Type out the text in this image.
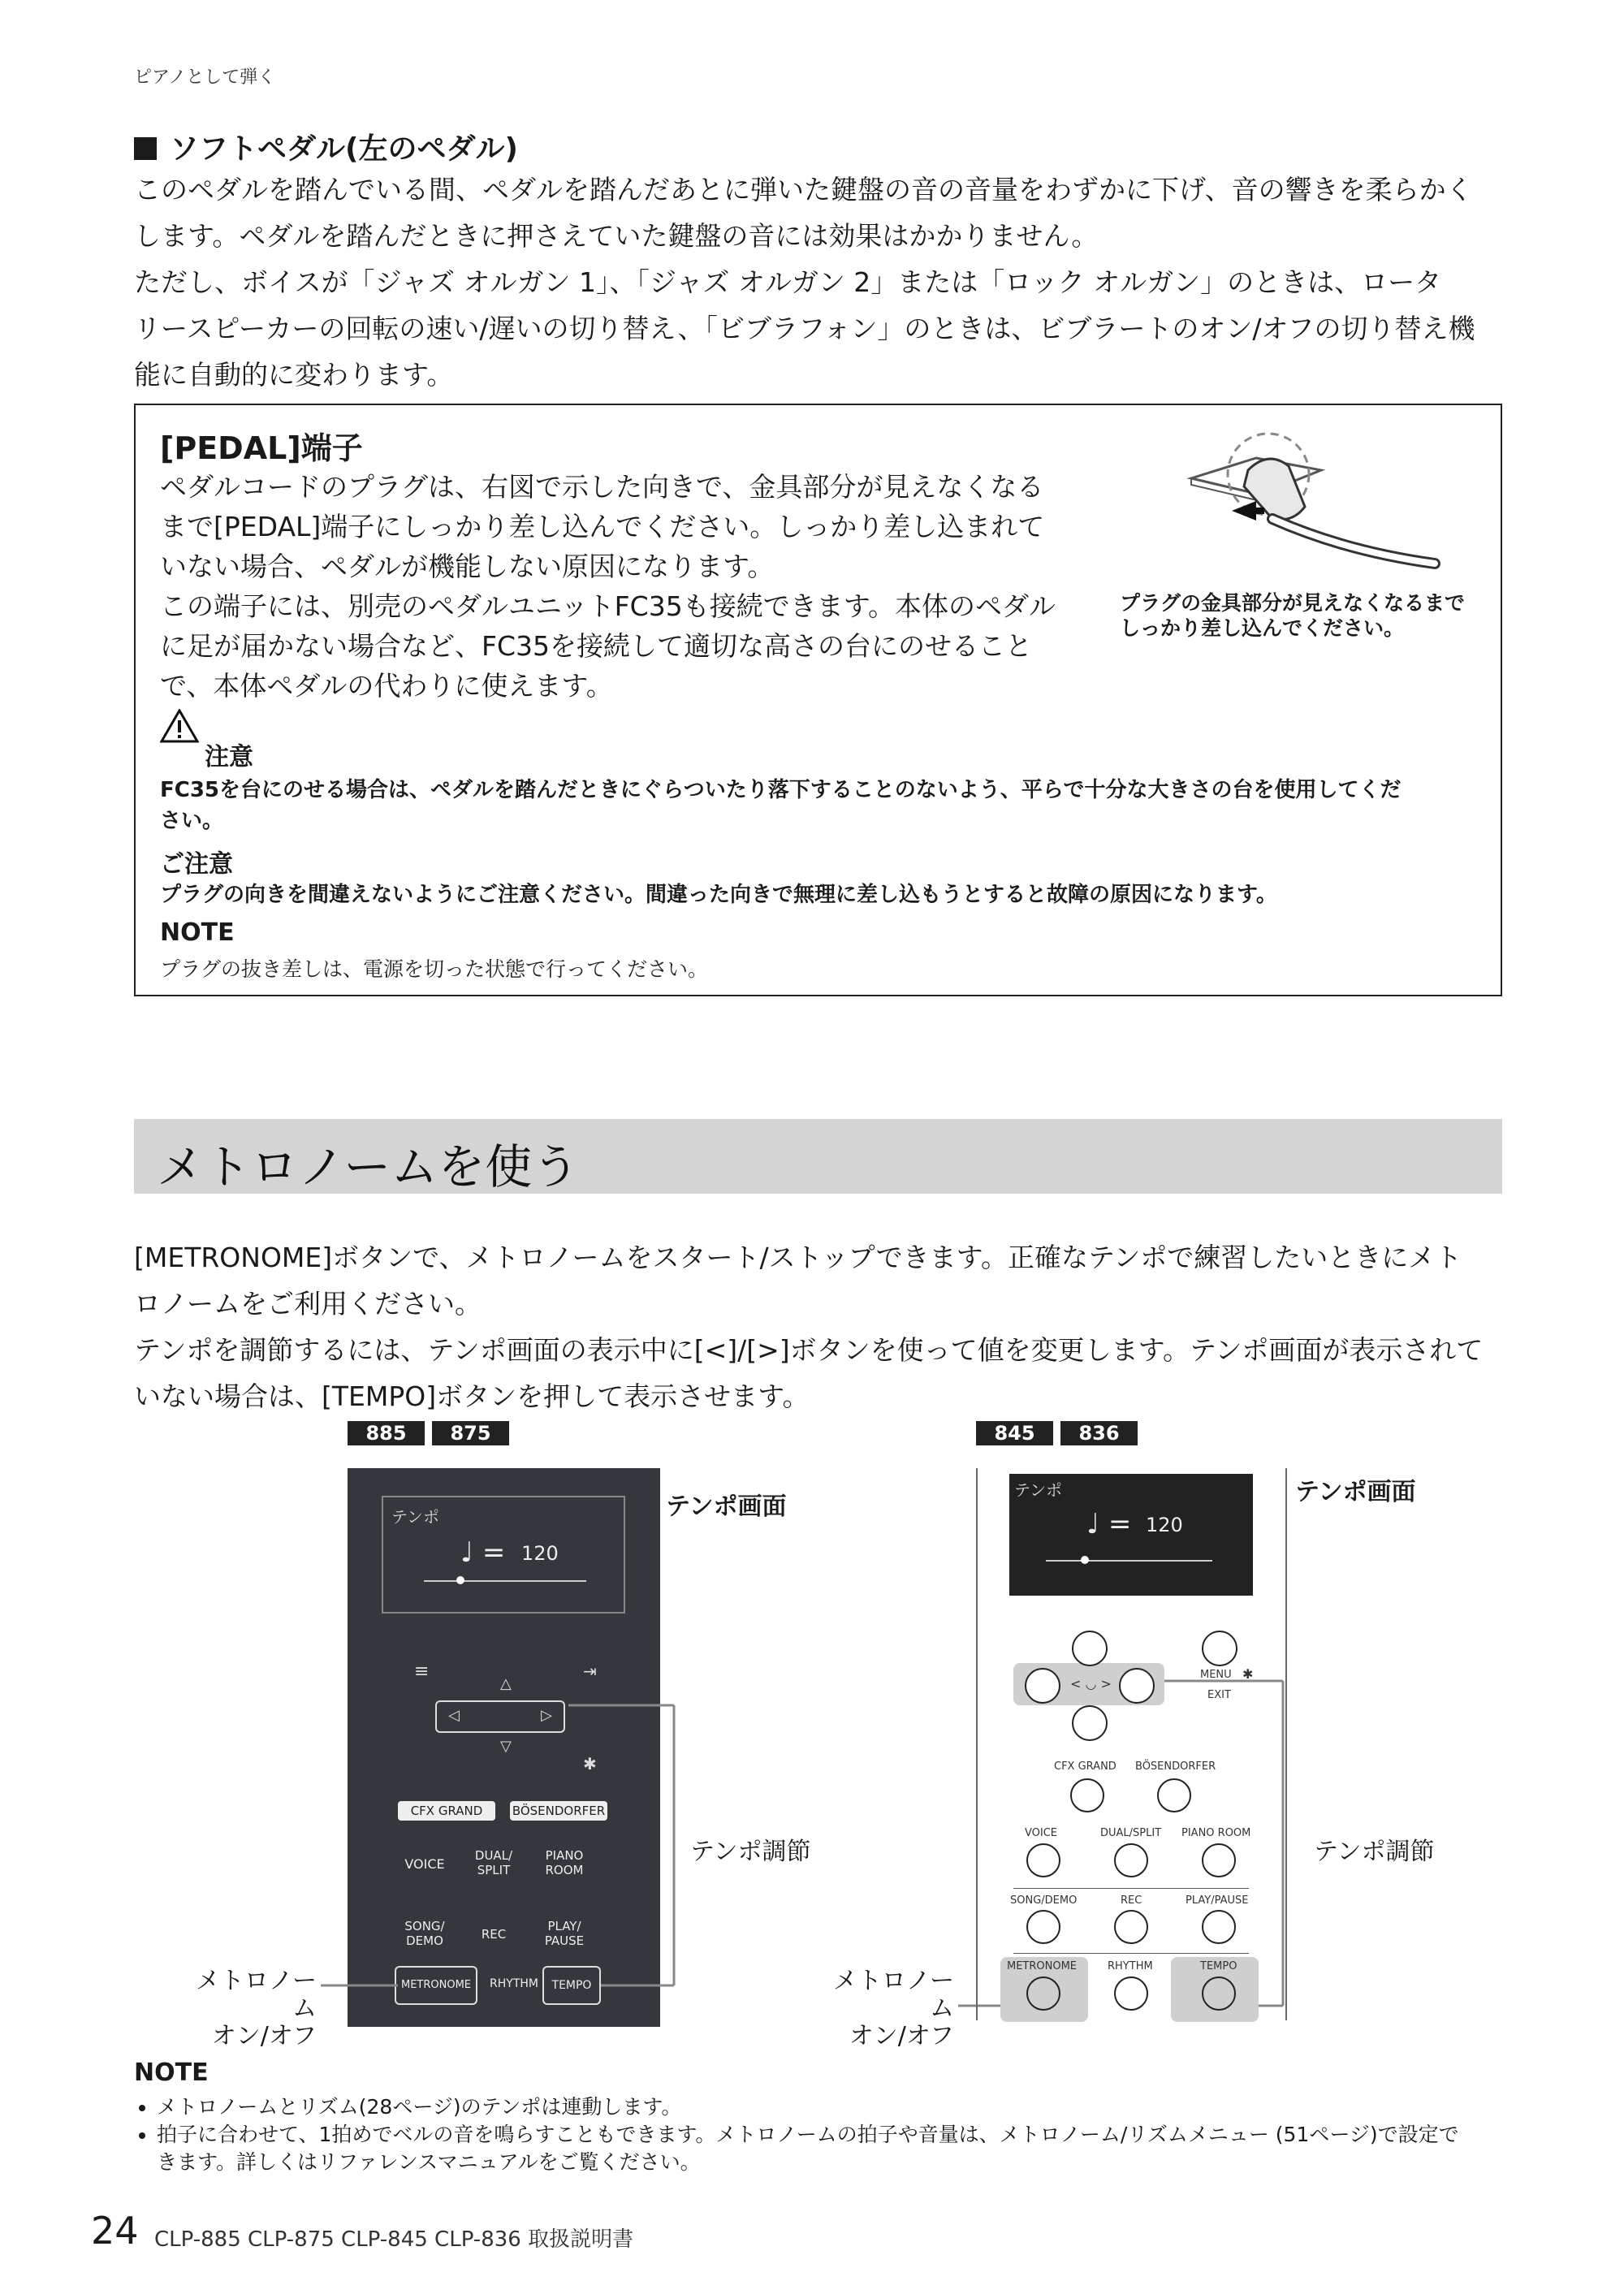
ピアノとして弾く
ソフトペダル(左のペダル)
このペダルを踏んでいる間、ペダルを踏んだあとに弾いた鍵盤の音の音量をわずかに下げ、音の響きを柔らかく
します。ペダルを踏んだときに押さえていた鍵盤の音には効果はかかりません。
ただし、ボイスが「ジャズ オルガン 1」、「ジャズ オルガン 2」または「ロック オルガン」のときは、ロータ
リースピーカーの回転の速い/遅いの切り替え、「ビブラフォン」のときは、ビブラートのオン/オフの切り替え機
能に自動的に変わります。
[PEDAL]端子
ペダルコードのプラグは、右図で示した向きで、金具部分が見えなくなる
まで[PEDAL]端子にしっかり差し込んでください。しっかり差し込まれて
いない場合、ペダルが機能しない原因になります。
この端子には、別売のペダルユニットFC35も接続できます。本体のペダル
に足が届かない場合など、FC35を接続して適切な高さの台にのせること
で、本体ペダルの代わりに使えます。
プラグの金具部分が見えなくなるまで
しっかり差し込んでください。
注意
FC35を台にのせる場合は、ペダルを踏んだときにぐらついたり落下することのないよう、平らで十分な大きさの台を使用してくだ
さい。
ご注意
プラグの向きを間違えないようにご注意ください。間違った向きで無理に差し込もうとすると故障の原因になります。
NOTE
プラグの抜き差しは、電源を切った状態で行ってください。
メトロノームを使う
[METRONOME]ボタンで、メトロノームをスタート/ストップできます。正確なテンポで練習したいときにメト
ロノームをご利用ください。
テンポを調節するには、テンポ画面の表示中に[<]/[>]ボタンを使って値を変更します。テンポ画面が表示されて
いない場合は、[TEMPO]ボタンを押して表示させます。
885	875
テンポ
♩ = 120
≡	⇥
△
◁	▷
▽
✱
CFX GRAND	BÖSENDORFER
VOICE
DUAL/
SPLIT
PIANO
ROOM
SONG/
DEMO	REC
PLAY/
PAUSE
METRONOME	RHYTHM	TEMPO
テンポ画面
テンポ調節
メトロノーム
オン/オフ
845	836
テンポ
♩ = 120
< ◡ >
MENU ✱
EXIT
CFX GRAND BÖSENDORFER
VOICE	DUAL/SPLIT PIANO ROOM
SONG/DEMO	REC	PLAY/PAUSE
METRONOME	RHYTHM	TEMPO
テンポ画面
テンポ調節
メトロノーム
オン/オフ
NOTE
• メトロノームとリズム(28ページ)のテンポは連動します。
• 拍子に合わせて、1拍めでベルの音を鳴らすこともできます。メトロノームの拍子や音量は、メトロノーム/リズムメニュー (51ページ)で設定で
きます。詳しくはリファレンスマニュアルをご覧ください。
24 CLP-885 CLP-875 CLP-845 CLP-836 取扱説明書
